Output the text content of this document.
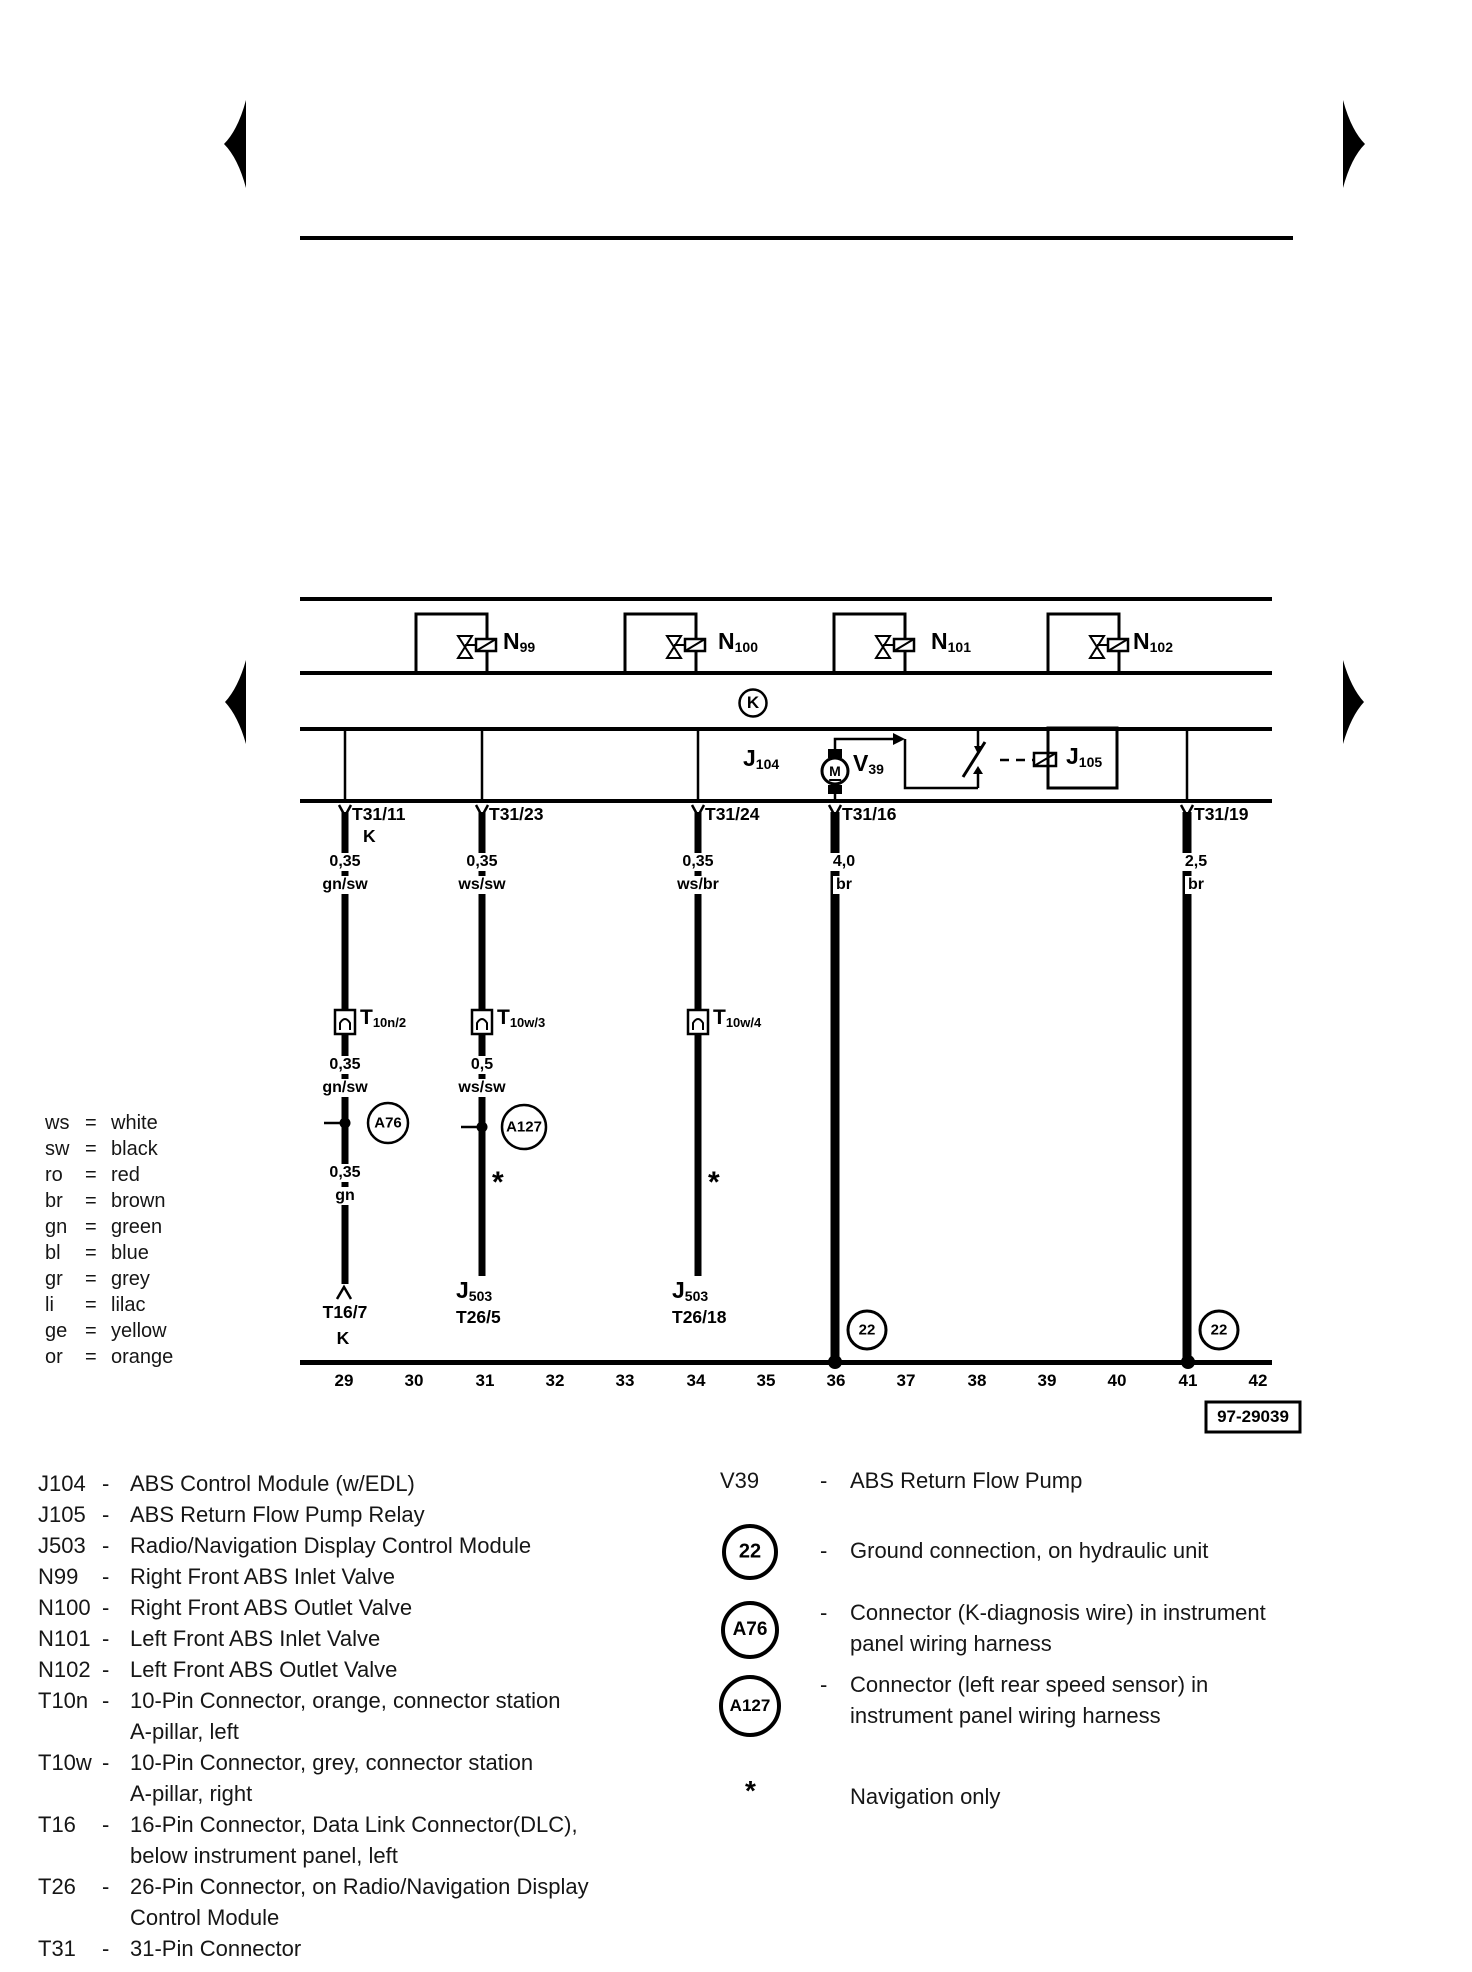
N99	N100	N101	N102
K
J104	M V39	J105
T31/11
K
0,35
gn/sw
T10n/2
0,35
gn/sw
A76
0,35
gn
T16/7
K
T31/23
0,35
ws/sw
T10w/3
0,5
ws/sw
A127
*
J503
T26/5
T31/24
0,35
ws/br
T10w/4
*
J503
T26/18
T31/16
4,0
br
22
T31/19
2,5
br
22
29	30	31	32	33	34	35	36	37	38	39	40	41	42
97-29039
ws = white
sw = black
ro = red
br = brown
gn = green
bl = blue
gr = grey
li = lilac
ge = yellow
or = orange
J104 - ABS Control Module (w/EDL)
J105 - ABS Return Flow Pump Relay
J503 - Radio/Navigation Display Control Module
N99 - Right Front ABS Inlet Valve
N100 - Right Front ABS Outlet Valve
N101 - Left Front ABS Inlet Valve
N102 - Left Front ABS Outlet Valve
T10n - 10-Pin Connector, orange, connector station
A-pillar, left
T10w - 10-Pin Connector, grey, connector station
A-pillar, right
T16 - 16-Pin Connector, Data Link Connector(DLC),
below instrument panel, left
T26 - 26-Pin Connector, on Radio/Navigation Display
Control Module
T31 - 31-Pin Connector
V39	- ABS Return Flow Pump
22	- Ground connection, on hydraulic unit
A76
- Connector (K-diagnosis wire) in instrument
panel wiring harness
A127
- Connector (left rear speed sensor) in
instrument panel wiring harness
*	Navigation only
